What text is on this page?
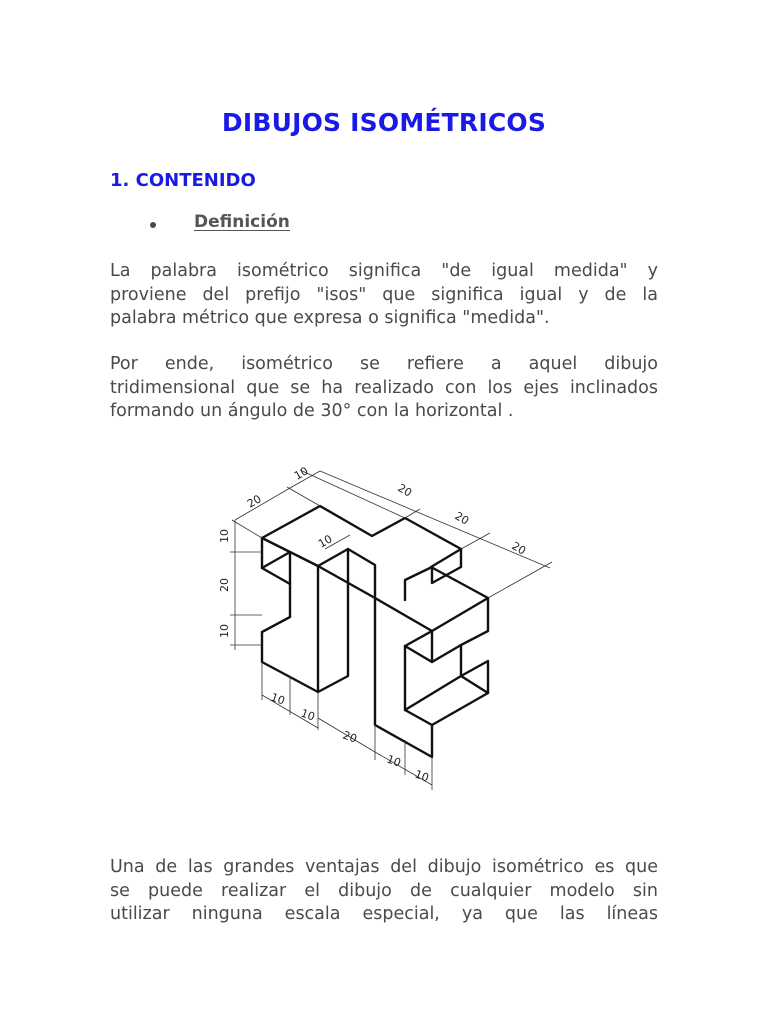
DIBUJOS ISOMÉTRICOS
1. CONTENIDO
Definición

La palabra isométrico significa "de igual medida" y
proviene del prefijo "isos" que significa igual y de la
palabra métrico que expresa o significa "medida".

Por ende, isométrico se refiere a aquel dibujo
tridimensional que se ha realizado con los ejes inclinados
formando un ángulo de 30° con la horizontal .

10
20
20
20
20
10
10
20
10
10
10
20
10
10

Una de las grandes ventajas del dibujo isométrico es que
se puede realizar el dibujo de cualquier modelo sin
utilizar ninguna escala especial, ya que las líneas
